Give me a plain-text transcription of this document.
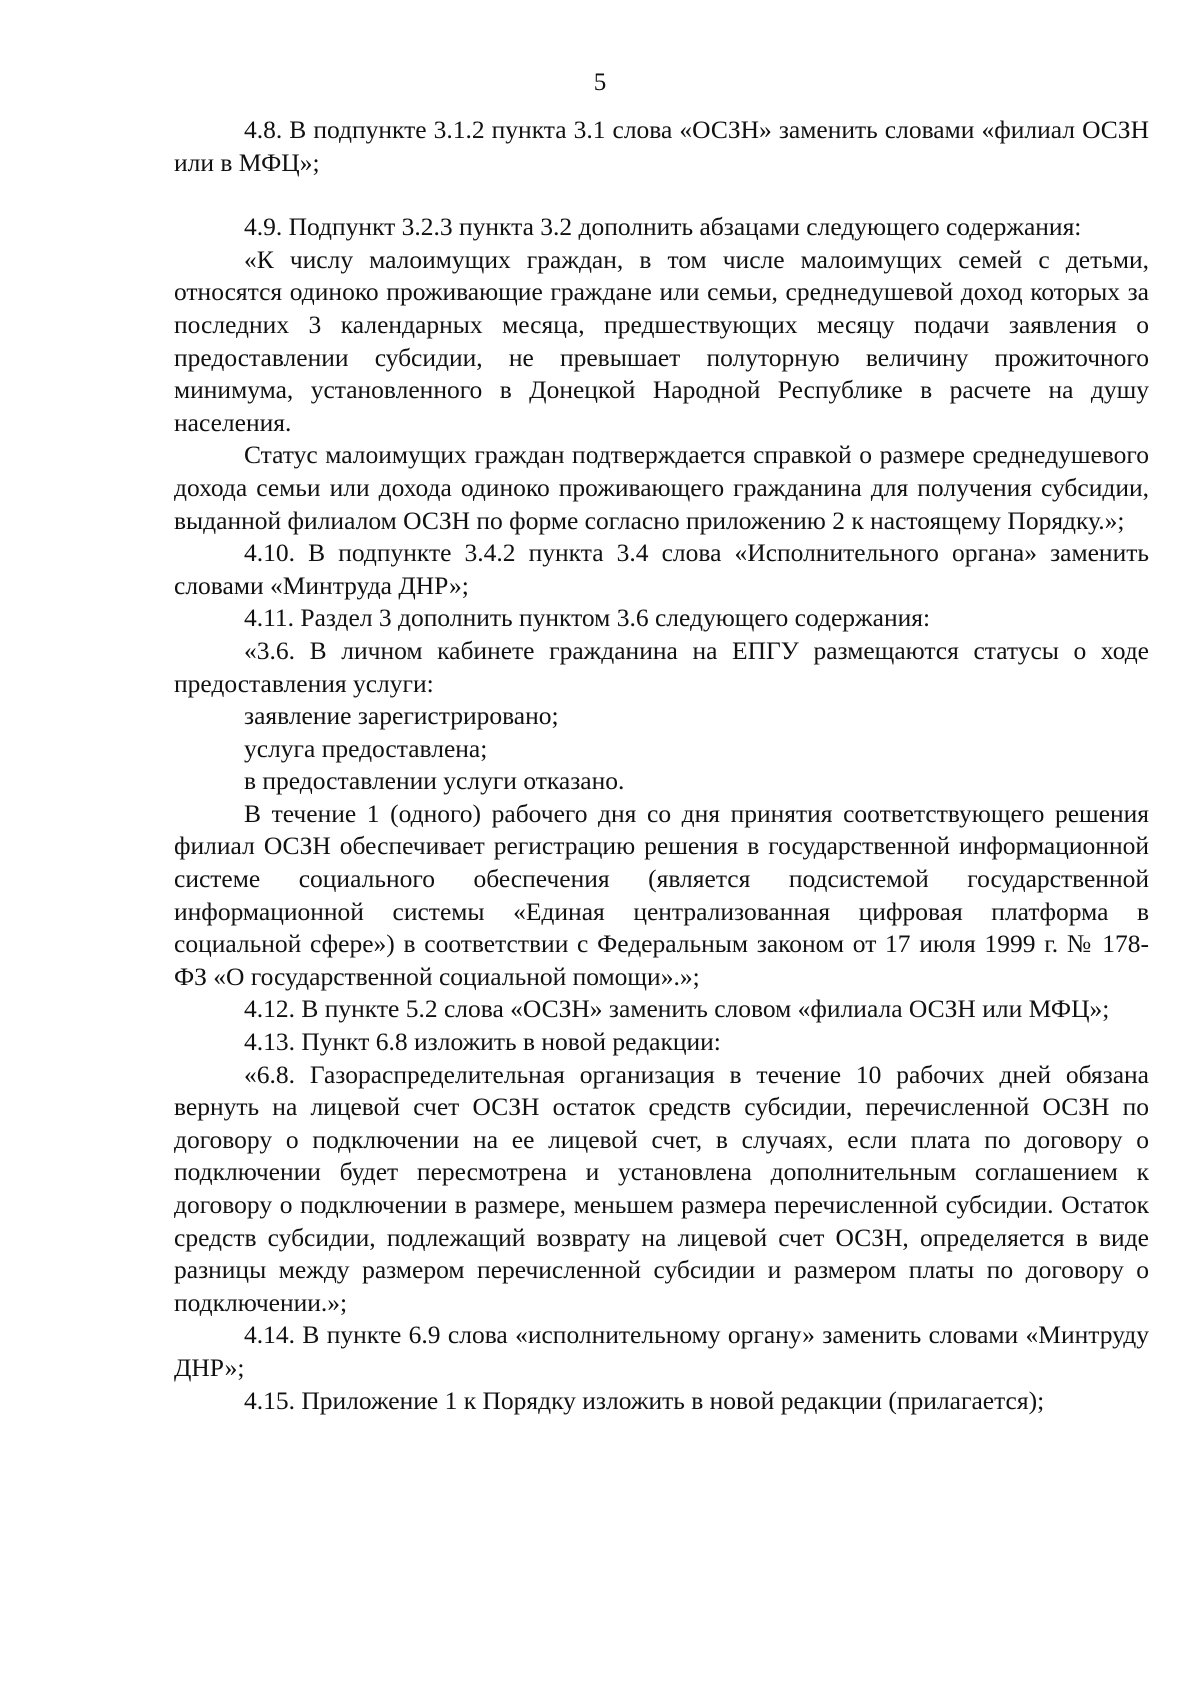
5

4.8. В подпункте 3.1.2 пункта 3.1 слова «ОСЗН» заменить словами «филиал ОСЗН или в МФЦ»;

4.9. Подпункт 3.2.3 пункта 3.2 дополнить абзацами следующего содержания:

«К числу малоимущих граждан, в том числе малоимущих семей с детьми, относятся одиноко проживающие граждане или семьи, среднедушевой доход которых за последних 3 календарных месяца, предшествующих месяцу подачи заявления о предоставлении субсидии, не превышает полуторную величину прожиточного минимума, установленного в Донецкой Народной Республике в расчете на душу населения.

Статус малоимущих граждан подтверждается справкой о размере среднедушевого дохода семьи или дохода одиноко проживающего гражданина для получения субсидии, выданной филиалом ОСЗН по форме согласно приложению 2 к настоящему Порядку.»;

4.10. В подпункте 3.4.2 пункта 3.4 слова «Исполнительного органа» заменить словами «Минтруда ДНР»;

4.11. Раздел 3 дополнить пунктом 3.6 следующего содержания:

«3.6. В личном кабинете гражданина на ЕПГУ размещаются статусы о ходе предоставления услуги:

заявление зарегистрировано;

услуга предоставлена;

в предоставлении услуги отказано.

В течение 1 (одного) рабочего дня со дня принятия соответствующего решения филиал ОСЗН обеспечивает регистрацию решения в государственной информационной системе социального обеспечения (является подсистемой государственной информационной системы «Единая централизованная цифровая платформа в социальной сфере») в соответствии с Федеральным законом от 17 июля 1999 г. № 178-ФЗ «О государственной социальной помощи».»;

4.12. В пункте 5.2 слова «ОСЗН» заменить словом «филиала ОСЗН или МФЦ»;

4.13. Пункт 6.8 изложить в новой редакции:

«6.8. Газораспределительная организация в течение 10 рабочих дней обязана вернуть на лицевой счет ОСЗН остаток средств субсидии, перечисленной ОСЗН по договору о подключении на ее лицевой счет, в случаях, если плата по договору о подключении будет пересмотрена и установлена дополнительным соглашением к договору о подключении в размере, меньшем размера перечисленной субсидии. Остаток средств субсидии, подлежащий возврату на лицевой счет ОСЗН, определяется в виде разницы между размером перечисленной субсидии и размером платы по договору о подключении.»;

4.14. В пункте 6.9 слова «исполнительному органу» заменить словами «Минтруду ДНР»;

4.15. Приложение 1 к Порядку изложить в новой редакции (прилагается);
